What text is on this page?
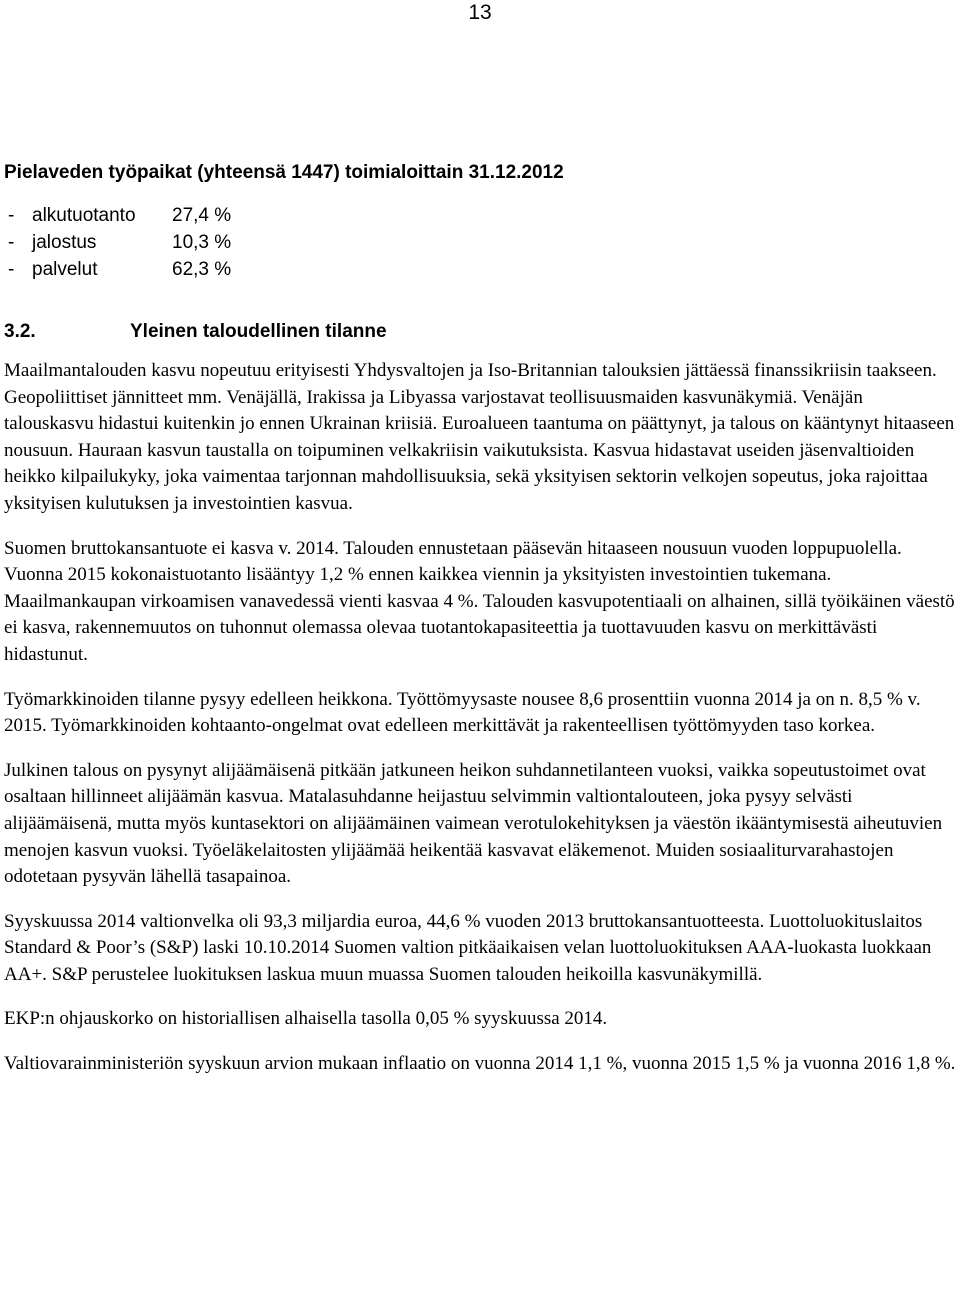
13
Pielaveden työpaikat (yhteensä 1447) toimialoittain 31.12.2012
- alkutuotanto	27,4 %
- jalostus	10,3 %
- palvelut	62,3 %
3.2.	Yleinen taloudellinen tilanne

Maailmantalouden kasvu nopeutuu erityisesti Yhdysvaltojen ja Iso-Britannian talouksien jättäessä finanssikriisin taakseen. Geopoliittiset jännitteet mm. Venäjällä, Irakissa ja Libyassa varjostavat teollisuusmaiden kasvunäkymiä. Venäjän talouskasvu hidastui kuitenkin jo ennen Ukrainan kriisiä. Euroalueen taantuma on päättynyt, ja talous on kääntynyt hitaaseen nousuun. Hauraan kasvun taustalla on toipuminen velkakriisin vaikutuksista. Kasvua hidastavat useiden jäsenvaltioiden heikko kilpailukyky, joka vaimentaa tarjonnan mahdollisuuksia, sekä yksityisen sektorin velkojen sopeutus, joka rajoittaa yksityisen kulutuksen ja investointien kasvua.

Suomen bruttokansantuote ei kasva v. 2014. Talouden ennustetaan pääsevän hitaaseen nousuun vuoden loppupuolella. Vuonna 2015 kokonaistuotanto lisääntyy 1,2 % ennen kaikkea viennin ja yksityisten investointien tukemana. Maailmankaupan virkoamisen vanavedessä vienti kasvaa 4 %. Talouden kasvupotentiaali on alhainen, sillä työikäinen väestö ei kasva, rakennemuutos on tuhonnut olemassa olevaa tuotantokapasiteettia ja tuottavuuden kasvu on merkittävästi hidastunut.

Työmarkkinoiden tilanne pysyy edelleen heikkona. Työttömyysaste nousee 8,6 prosenttiin vuonna 2014 ja on n. 8,5 % v. 2015. Työmarkkinoiden kohtaanto-ongelmat ovat edelleen merkittävät ja rakenteellisen työttömyyden taso korkea.

Julkinen talous on pysynyt alijäämäisenä pitkään jatkuneen heikon suhdannetilanteen vuoksi, vaikka sopeutustoimet ovat osaltaan hillinneet alijäämän kasvua. Matalasuhdanne heijastuu selvimmin valtiontalouteen, joka pysyy selvästi alijäämäisenä, mutta myös kuntasektori on alijäämäinen vaimean verotulokehityksen ja väestön ikääntymisestä aiheutuvien menojen kasvun vuoksi. Työeläkelaitosten ylijäämää heikentää kasvavat eläkemenot. Muiden sosiaaliturvarahastojen odotetaan pysyvän lähellä tasapainoa.

Syyskuussa 2014 valtionvelka oli 93,3 miljardia euroa, 44,6 % vuoden 2013 bruttokansantuotteesta. Luottoluokituslaitos Standard & Poor’s (S&P) laski 10.10.2014 Suomen valtion pitkäaikaisen velan luottoluokituksen AAA-luokasta luokkaan AA+. S&P perustelee luokituksen laskua muun muassa Suomen talouden heikoilla kasvunäkymillä.

EKP:n ohjauskorko on historiallisen alhaisella tasolla 0,05 % syyskuussa 2014.

Valtiovarainministeriön syyskuun arvion mukaan inflaatio on vuonna 2014 1,1 %, vuonna 2015 1,5 % ja vuonna 2016 1,8 %.
